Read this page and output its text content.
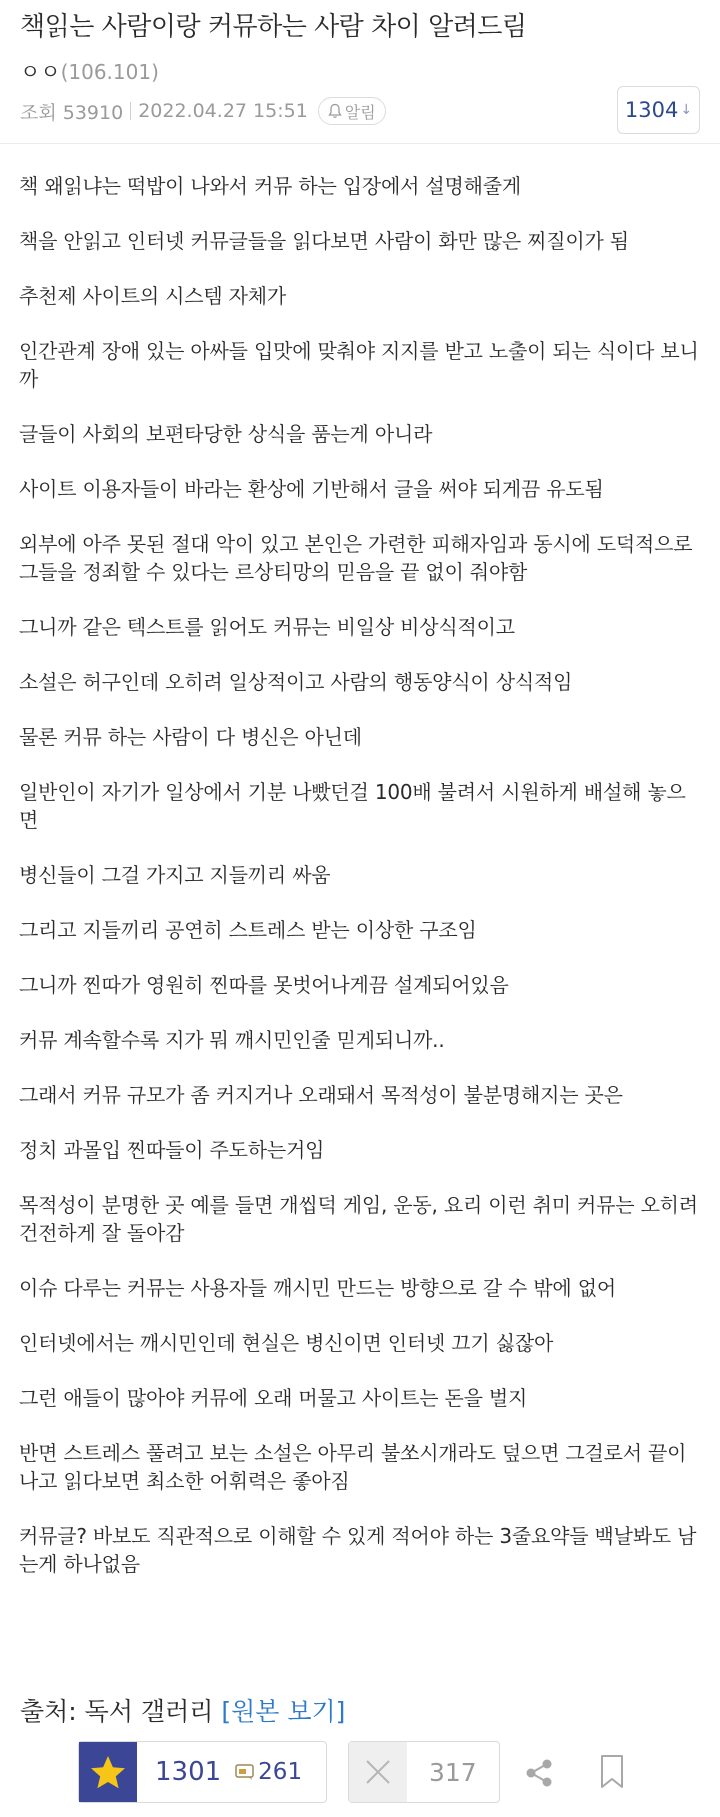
책읽는 사람이랑 커뮤하는 사람 차이 알려드림
ㅇㅇ(106.101)
조회 53910 2022.04.27 15:51 알림	1304 ↓

책 왜읽냐는 떡밥이 나와서 커뮤 하는 입장에서 설명해줄게

책을 안읽고 인터넷 커뮤글들을 읽다보면 사람이 화만 많은 찌질이가 됨

추천제 사이트의 시스템 자체가

인간관계 장애 있는 아싸들 입맛에 맞춰야 지지를 받고 노출이 되는 식이다 보니까

글들이 사회의 보편타당한 상식을 품는게 아니라

사이트 이용자들이 바라는 환상에 기반해서 글을 써야 되게끔 유도됨

외부에 아주 못된 절대 악이 있고 본인은 가련한 피해자임과 동시에 도덕적으로 그들을 정죄할 수 있다는 르상티망의 믿음을 끝 없이 줘야함

그니까 같은 텍스트를 읽어도 커뮤는 비일상 비상식적이고

소설은 허구인데 오히려 일상적이고 사람의 행동양식이 상식적임

물론 커뮤 하는 사람이 다 병신은 아닌데

일반인이 자기가 일상에서 기분 나빴던걸 100배 불려서 시원하게 배설해 놓으면

병신들이 그걸 가지고 지들끼리 싸움

그리고 지들끼리 공연히 스트레스 받는 이상한 구조임

그니까 찐따가 영원히 찐따를 못벗어나게끔 설계되어있음

커뮤 계속할수록 지가 뭐 깨시민인줄 믿게되니까..

그래서 커뮤 규모가 좀 커지거나 오래돼서 목적성이 불분명해지는 곳은

정치 과몰입 찐따들이 주도하는거임

목적성이 분명한 곳 예를 들면 개씹덕 게임, 운동, 요리 이런 취미 커뮤는 오히려 건전하게 잘 돌아감

이슈 다루는 커뮤는 사용자들 깨시민 만드는 방향으로 갈 수 밖에 없어

인터넷에서는 깨시민인데 현실은 병신이면 인터넷 끄기 싫잖아

그런 애들이 많아야 커뮤에 오래 머물고 사이트는 돈을 벌지

반면 스트레스 풀려고 보는 소설은 아무리 불쏘시개라도 덮으면 그걸로서 끝이 나고 읽다보면 최소한 어휘력은 좋아짐

커뮤글? 바보도 직관적으로 이해할 수 있게 적어야 하는 3줄요약들 백날봐도 남는게 하나없음

출처: 독서 갤러리 [원본 보기]
1301 261	317
